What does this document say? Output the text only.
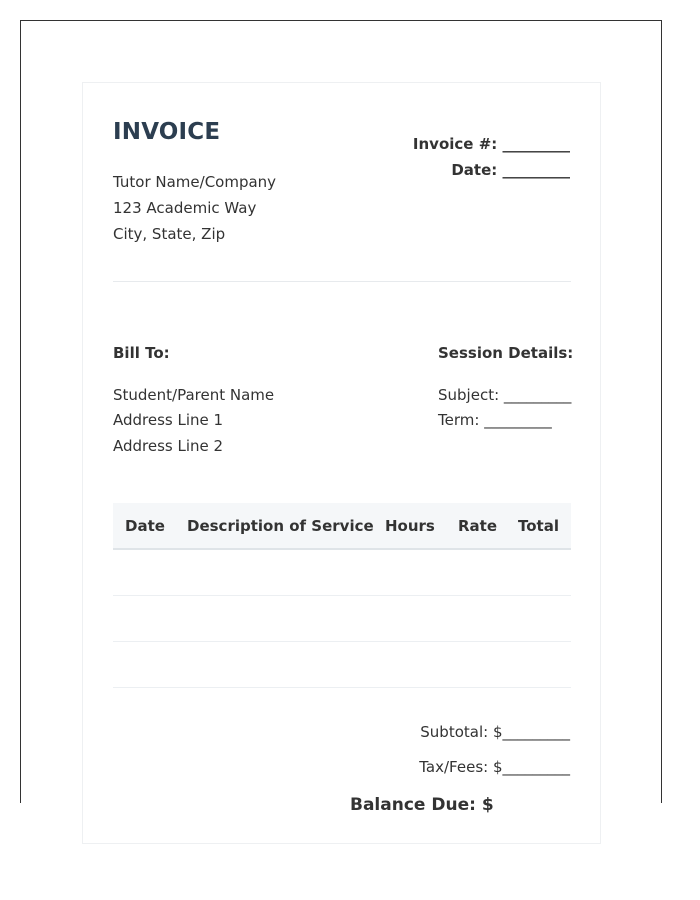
INVOICE	Invoice #: _________
Date: _________
Tutor Name/Company
123 Academic Way
City, State, Zip
Bill To:
Student/Parent Name
Address Line 1
Address Line 2
Session Details:
Subject: _________
Term: _________
Date Description of Service Hours Rate Total
Subtotal: $_________
Tax/Fees: $_________
Balance Due: $
